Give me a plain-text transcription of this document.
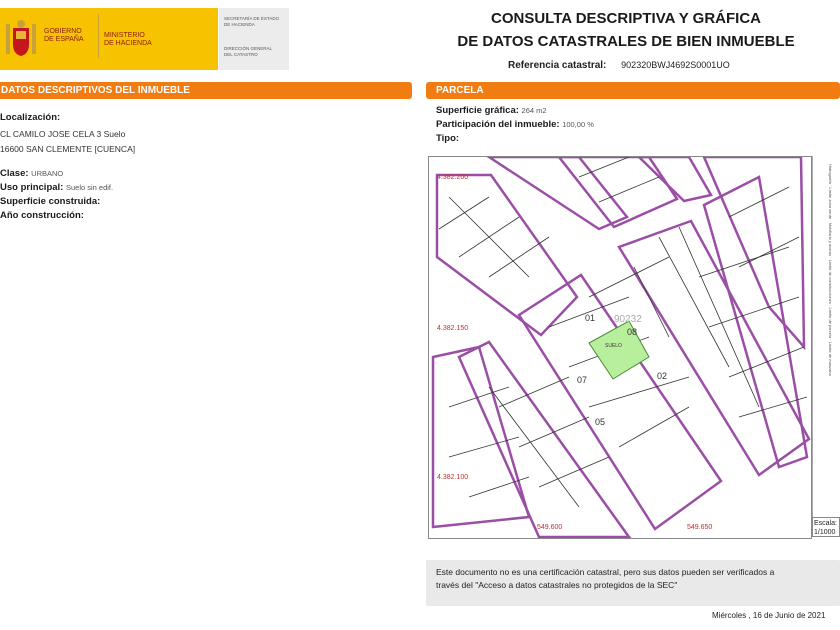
GOBIERNO
DE ESPAÑA
MINISTERIO
DE HACIENDA
SECRETARÍA DE ESTADO
DE HACIENDA
DIRECCIÓN GENERAL
DEL CATASTRO
CONSULTA DESCRIPTIVA Y GRÁFICA
DE DATOS CATASTRALES DE BIEN INMUEBLE
Referencia catastral: 902320BWJ4692S0001UO
DATOS DESCRIPTIVOS DEL INMUEBLE
Localización:
CL CAMILO JOSE CELA 3 Suelo
16600 SAN CLEMENTE [CUENCA]
Clase: URBANO
Uso principal: Suelo sin edif.
Superficie construida:
Año construcción:
PARCELA
Superficie gráfica: 264 m2
Participación del inmueble: 100,00 %
Tipo:
SUELO
90232
01
08
07	02
05
4.382.200
4.382.150
4.382.100
549.600	549.650
Hidrografía · Límite zona verde · Mobiliario y aceras · Límite de construcciones · Límite de parcela · Límite de manzana
Escala:
1/1000
Este documento no es una certificación catastral, pero sus datos pueden ser verificados a
través del "Acceso a datos catastrales no protegidos de la SEC"
Miércoles , 16 de Junio de 2021
